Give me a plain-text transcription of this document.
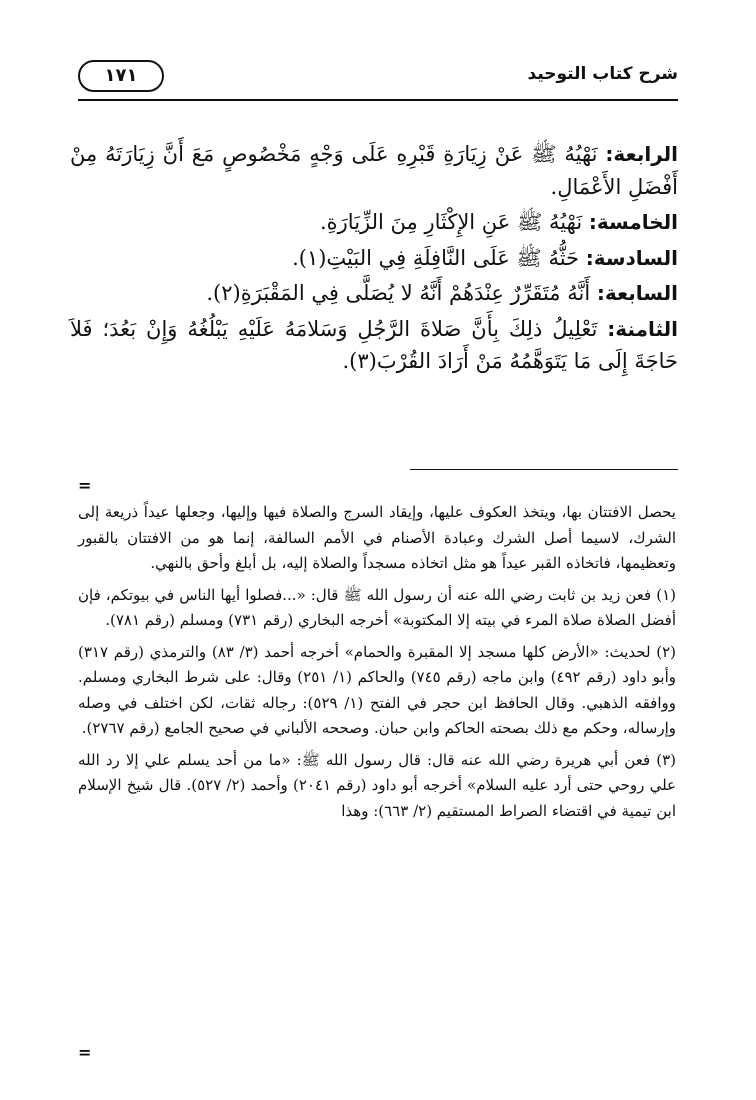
شرح كتاب التوحيد
١٧١

الرابعة: نَهْيُهُ ﷺ عَنْ زِيَارَةِ قَبْرِهِ عَلَى وَجْهٍ مَخْصُوصٍ مَعَ أَنَّ زِيَارَتَهُ مِنْ أَفْضَلِ الأَعْمَالِ.

الخامسة: نَهْيُهُ ﷺ عَنِ الإِكْثَارِ مِنَ الزِّيَارَةِ.

السادسة: حَثُّهُ ﷺ عَلَى النَّافِلَةِ فِي البَيْتِ(١).

السابعة: أَنَّهُ مُتَقَرِّرٌ عِنْدَهُمْ أَنَّهُ لا يُصَلَّى فِي المَقْبَرَةِ(٢).

الثامنة: تَعْلِيلُ ذلِكَ بِأَنَّ صَلاةَ الرَّجُلِ وَسَلامَهُ عَلَيْهِ يَبْلُغُهُ وَإِنْ بَعُدَ؛ فَلاَ حَاجَةَ إِلَى مَا يَتَوَهَّمُهُ مَنْ أَرَادَ القُرْبَ(٣).

=

يحصل الافتتان بها، ويتخذ العكوف عليها، وإيقاد السرج والصلاة فيها وإليها، وجعلها عيداً ذريعة إلى الشرك، لاسيما أصل الشرك وعبادة الأصنام في الأمم السالفة، إنما هو من الافتتان بالقبور وتعظيمها، فاتخاذه القبر عيداً هو مثل اتخاذه مسجداً والصلاة إليه، بل أبلغ وأحق بالنهي.

(١) فعن زيد بن ثابت رضي الله عنه أن رسول الله ﷺ قال: «...فصلوا أيها الناس في بيوتكم، فإن أفضل الصلاة صلاة المرء في بيته إلا المكتوبة» أخرجه البخاري (رقم ٧٣١) ومسلم (رقم ٧٨١).

(٢) لحديث: «الأرض كلها مسجد إلا المقبرة والحمام» أخرجه أحمد (٣/ ٨٣) والترمذي (رقم ٣١٧) وأبو داود (رقم ٤٩٢) وابن ماجه (رقم ٧٤٥) والحاكم (١/ ٢٥١) وقال: على شرط البخاري ومسلم. ووافقه الذهبي. وقال الحافظ ابن حجر في الفتح (١/ ٥٢٩): رجاله ثقات، لكن اختلف في وصله وإرساله، وحكم مع ذلك بصحته الحاكم وابن حبان. وصححه الألباني في صحيح الجامع (رقم ٢٧٦٧).

(٣) فعن أبي هريرة رضي الله عنه قال: قال رسول الله ﷺ: «ما من أحد يسلم علي إلا رد الله علي روحي حتى أرد عليه السلام» أخرجه أبو داود (رقم ٢٠٤١) وأحمد (٢/ ٥٢٧). قال شيخ الإسلام ابن تيمية في اقتضاء الصراط المستقيم (٢/ ٦٦٣): وهذا

=
